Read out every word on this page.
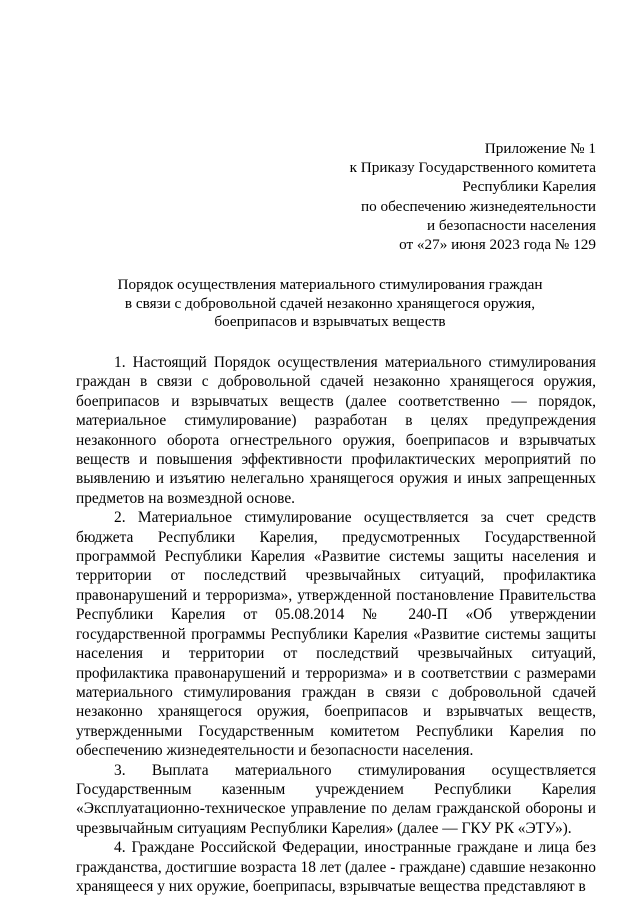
Приложение № 1
к Приказу Государственного комитета
Республики Карелия
по обеспечению жизнедеятельности
и безопасности населения
от «27» июня 2023 года № 129
Порядок осуществления материального стимулирования граждан
в связи с добровольной сдачей незаконно хранящегося оружия,
боеприпасов и взрывчатых веществ

1. Настоящий Порядок осуществления материального стимулирования граждан в связи с добровольной сдачей незаконно хранящегося оружия, боеприпасов и взрывчатых веществ (далее соответственно — порядок, материальное стимулирование) разработан в целях предупреждения незаконного оборота огнестрельного оружия, боеприпасов и взрывчатых веществ и повышения эффективности профилактических мероприятий по выявлению и изъятию нелегально хранящегося оружия и иных запрещенных предметов на возмездной основе.

2. Материальное стимулирование осуществляется за счет средств бюджета Республики Карелия, предусмотренных Государственной программой Республики Карелия «Развитие системы защиты населения и территории от последствий чрезвычайных ситуаций, профилактика правонарушений и терроризма», утвержденной постановление Правительства Республики Карелия от 05.08.2014 № 240-П «Об утверждении государственной программы Республики Карелия «Развитие системы защиты населения и территории от последствий чрезвычайных ситуаций, профилактика правонарушений и терроризма» и в соответствии с размерами материального стимулирования граждан в связи с добровольной сдачей незаконно хранящегося оружия, боеприпасов и взрывчатых веществ, утвержденными Государственным комитетом Республики Карелия по обеспечению жизнедеятельности и безопасности населения.

3. Выплата материального стимулирования осуществляется Государственным казенным учреждением Республики Карелия «Эксплуатационно-техническое управление по делам гражданской обороны и чрезвычайным ситуациям Республики Карелия» (далее — ГКУ РК «ЭТУ»).

4. Граждане Российской Федерации, иностранные граждане и лица без гражданства, достигшие возраста 18 лет (далее - граждане) сдавшие незаконно хранящееся у них оружие, боеприпасы, взрывчатые вещества представляют в
